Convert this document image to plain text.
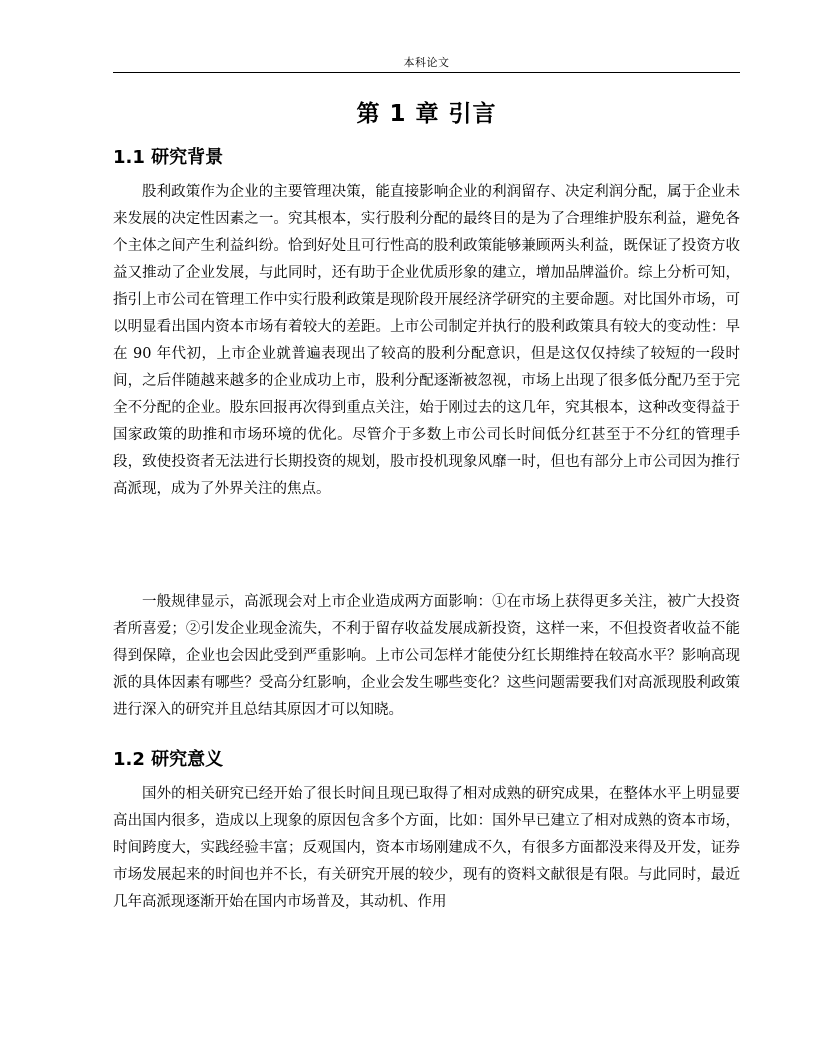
本科论文
第 1 章 引言
1.1 研究背景

股利政策作为企业的主要管理决策，能直接影响企业的利润留存、决定利润分配，属于企业未来发展的决定性因素之一。究其根本，实行股利分配的最终目的是为了合理维护股东利益，避免各个主体之间产生利益纠纷。恰到好处且可行性高的股利政策能够兼顾两头利益，既保证了投资方收益又推动了企业发展，与此同时，还有助于企业优质形象的建立，增加品牌溢价。综上分析可知，指引上市公司在管理工作中实行股利政策是现阶段开展经济学研究的主要命题。对比国外市场，可以明显看出国内资本市场有着较大的差距。上市公司制定并执行的股利政策具有较大的变动性：早在 90 年代初，上市企业就普遍表现出了较高的股利分配意识，但是这仅仅持续了较短的一段时间，之后伴随越来越多的企业成功上市，股利分配逐渐被忽视，市场上出现了很多低分配乃至于完全不分配的企业。股东回报再次得到重点关注，始于刚过去的这几年，究其根本，这种改变得益于国家政策的助推和市场环境的优化。尽管介于多数上市公司长时间低分红甚至于不分红的管理手段，致使投资者无法进行长期投资的规划，股市投机现象风靡一时，但也有部分上市公司因为推行高派现，成为了外界关注的焦点。

一般规律显示，高派现会对上市企业造成两方面影响：①在市场上获得更多关注，被广大投资者所喜爱；②引发企业现金流失，不利于留存收益发展成新投资，这样一来，不但投资者收益不能得到保障，企业也会因此受到严重影响。上市公司怎样才能使分红长期维持在较高水平？影响高现派的具体因素有哪些？受高分红影响，企业会发生哪些变化？这些问题需要我们对高派现股利政策进行深入的研究并且总结其原因才可以知晓。

1.2 研究意义

国外的相关研究已经开始了很长时间且现已取得了相对成熟的研究成果，在整体水平上明显要高出国内很多，造成以上现象的原因包含多个方面，比如：国外早已建立了相对成熟的资本市场，时间跨度大，实践经验丰富；反观国内，资本市场刚建成不久，有很多方面都没来得及开发，证券市场发展起来的时间也并不长，有关研究开展的较少，现有的资料文献很是有限。与此同时，最近几年高派现逐渐开始在国内市场普及，其动机、作用
